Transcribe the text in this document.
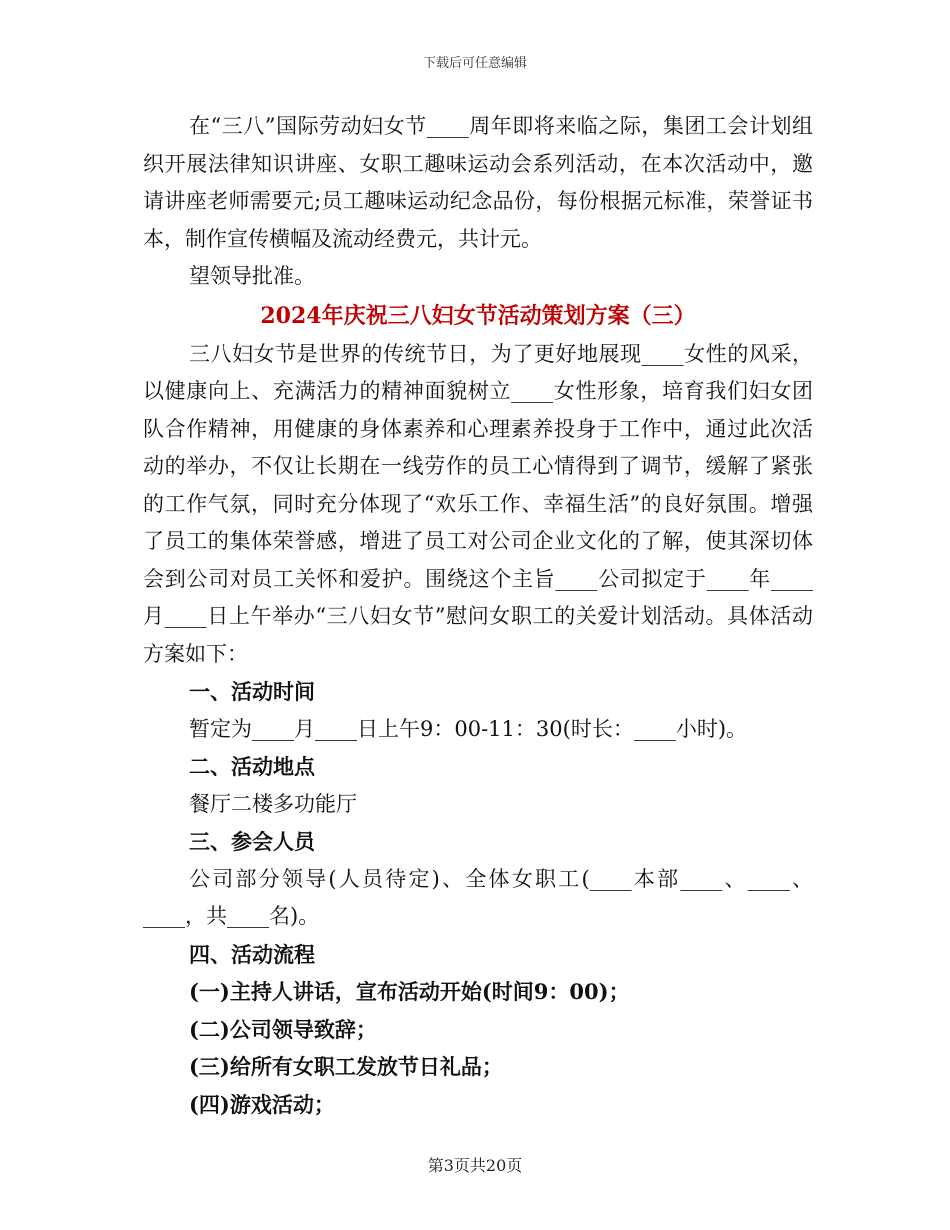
下载后可任意编辑

在“三八”国际劳动妇女节____周年即将来临之际，集团工会计划组织开展法律知识讲座、女职工趣味运动会系列活动，在本次活动中，邀请讲座老师需要元;员工趣味运动纪念品份，每份根据元标准，荣誉证书本，制作宣传横幅及流动经费元，共计元。

望领导批准。

2024年庆祝三八妇女节活动策划方案（三）

三八妇女节是世界的传统节日，为了更好地展现____女性的风采，以健康向上、充满活力的精神面貌树立____女性形象，培育我们妇女团队合作精神，用健康的身体素养和心理素养投身于工作中，通过此次活动的举办，不仅让长期在一线劳作的员工心情得到了调节，缓解了紧张的工作气氛，同时充分体现了“欢乐工作、幸福生活”的良好氛围。增强了员工的集体荣誉感，增进了员工对公司企业文化的了解，使其深切体会到公司对员工关怀和爱护。围绕这个主旨____公司拟定于____年____月____日上午举办“三八妇女节”慰问女职工的关爱计划活动。具体活动方案如下：

一、活动时间

暂定为____月____日上午9：00-11：30(时长：____小时)。

二、活动地点

餐厅二楼多功能厅

三、参会人员

公司部分领导(人员待定)、全体女职工(____本部____、____、____，共____名)。

四、活动流程

(一)主持人讲话，宣布活动开始(时间9：00)；

(二)公司领导致辞；

(三)给所有女职工发放节日礼品；

(四)游戏活动；

第3页共20页
